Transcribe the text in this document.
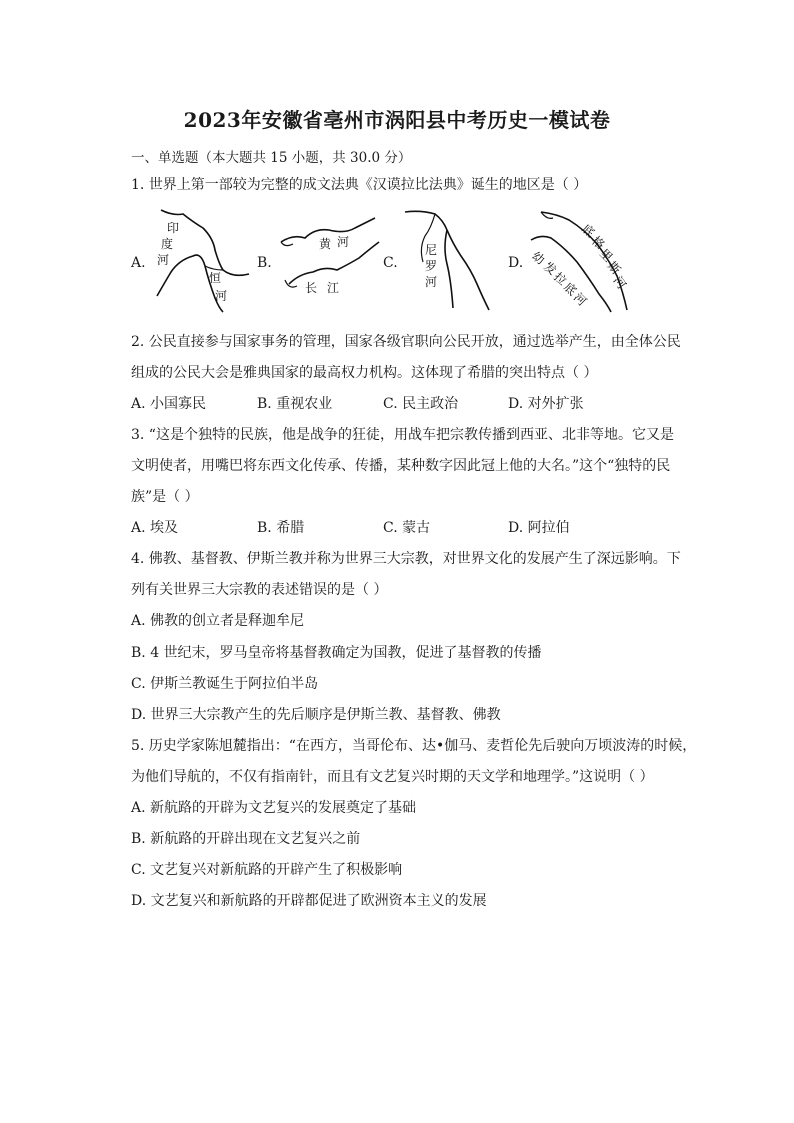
2023年安徽省亳州市涡阳县中考历史一模试卷
一、单选题（本大题共 15 小题，共 30.0 分）
1. 世界上第一部较为完整的成文法典《汉谟拉比法典》诞生的地区是（ ）
A.
印
度
河
恒
河
B.
黄 河
长 江
C.
尼
罗
河
D.
底
格
里
斯
河
幼
发
拉
底
河
2. 公民直接参与国家事务的管理，国家各级官职向公民开放，通过选举产生，由全体公民
组成的公民大会是雅典国家的最高权力机构。这体现了希腊的突出特点（ ）
A. 小国寡民	B. 重视农业	C. 民主政治	D. 对外扩张
3. “这是个独特的民族，他是战争的狂徒，用战车把宗教传播到西亚、北非等地。它又是
文明使者，用嘴巴将东西文化传承、传播，某种数字因此冠上他的大名。”这个“独特的民
族”是（ ）
A. 埃及	B. 希腊	C. 蒙古	D. 阿拉伯
4. 佛教、基督教、伊斯兰教并称为世界三大宗教，对世界文化的发展产生了深远影响。下
列有关世界三大宗教的表述错误的是（ ）
A. 佛教的创立者是释迦牟尼
B. 4 世纪末，罗马皇帝将基督教确定为国教，促进了基督教的传播
C. 伊斯兰教诞生于阿拉伯半岛
D. 世界三大宗教产生的先后顺序是伊斯兰教、基督教、佛教
5. 历史学家陈旭麓指出：“在西方，当哥伦布、达•伽马、麦哲伦先后驶向万顷波涛的时候，
为他们导航的，不仅有指南针，而且有文艺复兴时期的天文学和地理学。”这说明（ ）
A. 新航路的开辟为文艺复兴的发展奠定了基础
B. 新航路的开辟出现在文艺复兴之前
C. 文艺复兴对新航路的开辟产生了积极影响
D. 文艺复兴和新航路的开辟都促进了欧洲资本主义的发展
